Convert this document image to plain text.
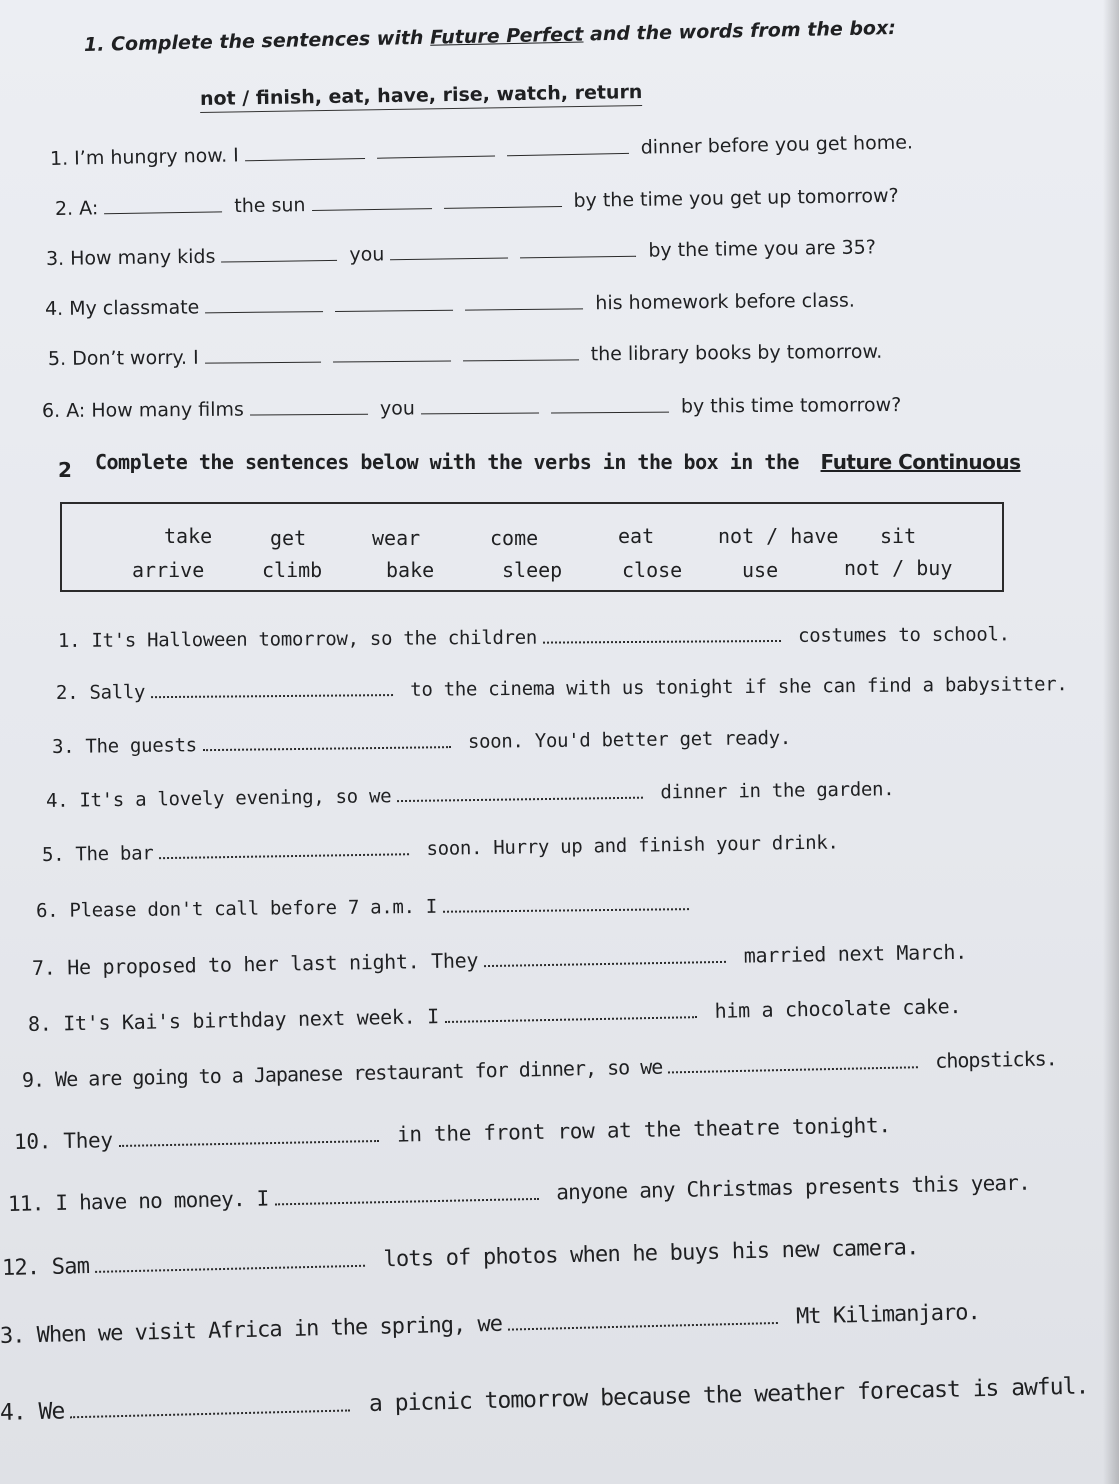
1. Complete the sentences with Future Perfect and the words from the box:
not / finish, eat, have, rise, watch, return
1. I’m hungry now. I	dinner before you get home.
2. A:	the sun	by the time you get up tomorrow?
3. How many kids	you	by the time you are 35?
4. My classmate	his homework before class.
5. Don’t worry. I	the library books by tomorrow.
6. A: How many films	you	by this time tomorrow?
2 Complete the sentences below with the verbs in the box in the Future Continuous
take	get	wear	come	eat	not / have sit
arrive	climb	bake	sleep	close	use	not / buy
1. It's Halloween tomorrow, so the children	costumes to school.
2. Sally	to the cinema with us tonight if she can find a babysitter.
3. The guests	soon. You'd better get ready.
4. It's a lovely evening, so we	dinner in the garden.
5. The bar	soon. Hurry up and finish your drink.
6. Please don't call before 7 a.m. I
7. He proposed to her last night. They	married next March.
8. It's Kai's birthday next week. I	him a chocolate cake.
9. We are going to a Japanese restaurant for dinner, so we	chopsticks.
10. They	in the front row at the theatre tonight.
11. I have no money. I	anyone any Christmas presents this year.
12. Sam	lots of photos when he buys his new camera.
3. When we visit Africa in the spring, we	Mt Kilimanjaro.
4. We	a picnic tomorrow because the weather forecast is awful.
